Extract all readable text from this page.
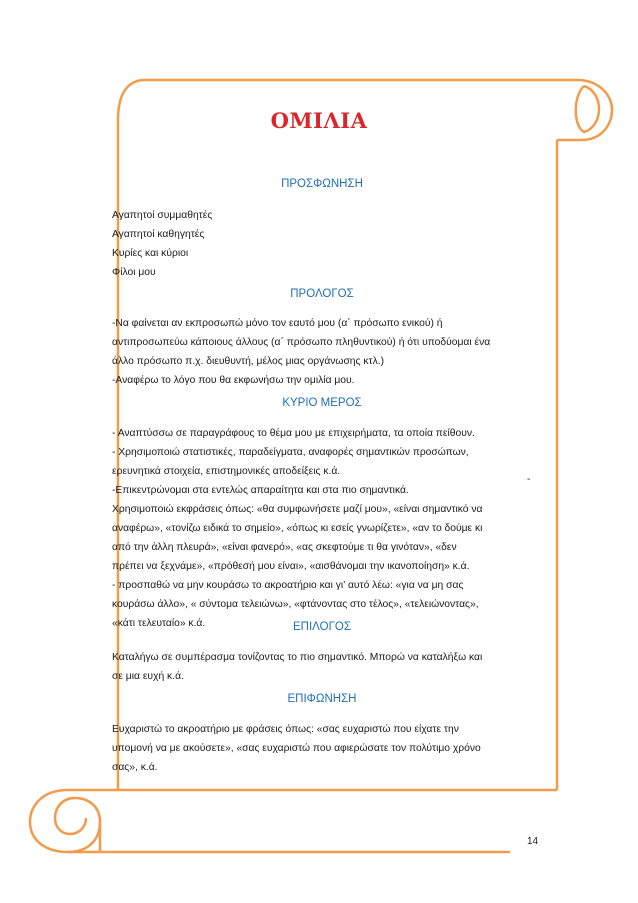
ΟΜΙΛΙΑ
ΠΡΟΣΦΩΝΗΣΗ
Αγαπητοί συμμαθητές
Αγαπητοί καθηγητές
Κυρίες και κύριοι
Φίλοι μου
ΠΡΟΛΟΓΟΣ
-Να φαίνεται αν εκπροσωπώ μόνο τον εαυτό μου (α΄ πρόσωπο ενικού) ή
αντιπροσωπεύω κάποιους άλλους (α΄ πρόσωπο πληθυντικού) ή ότι υποδύομαι ένα
άλλο πρόσωπο π.χ. διευθυντή, μέλος μιας οργάνωσης κτλ.)
-Αναφέρω το λόγο που θα εκφωνήσω την ομιλία μου.
ΚΥΡΙΟ ΜΕΡΟΣ
- Αναπτύσσω σε παραγράφους το θέμα μου με επιχειρήματα, τα οποία πείθουν.
- Χρησιμοποιώ στατιστικές, παραδείγματα, αναφορές σημαντικών προσώπων,
ερευνητικά στοιχεία, επιστημονικές αποδείξεις κ.ά.
-Επικεντρώνομαι στα εντελώς απαραίτητα και στα πιο σημαντικά.
Χρησιμοποιώ εκφράσεις όπως: «θα συμφωνήσετε μαζί μου», «είναι σημαντικό να
αναφέρω», «τονίζω ειδικά το σημείο», «όπως κι εσείς γνωρίζετε», «αν το δούμε κι
από την άλλη πλευρά», «είναι φανερό», «ας σκεφτούμε τι θα γινόταν», «δεν
πρέπει να ξεχνάμε», «πρόθεσή μου είναι», «αισθάνομαι την ικανοποίηση» κ.ά.
- προσπαθώ να μην κουράσω το ακροατήριο και γι’ αυτό λέω: «για να μη σας
κουράσω άλλο», « σύντομα τελειώνω», «φτάνοντας στο τέλος», «τελειώνοντας»,
«κάτι τελευταίο» κ.ά.
-
ΕΠΙΛΟΓΟΣ
Καταλήγω σε συμπέρασμα τονίζοντας το πιο σημαντικό. Μπορώ να καταλήξω και
σε μια ευχή κ.ά.
ΕΠΙΦΩΝΗΣΗ
Ευχαριστώ το ακροατήριο με φράσεις όπως: «σας ευχαριστώ που είχατε την
υπομονή να με ακούσετε», «σας ευχαριστώ που αφιερώσατε τον πολύτιμο χρόνο
σας», κ.ά.
14
